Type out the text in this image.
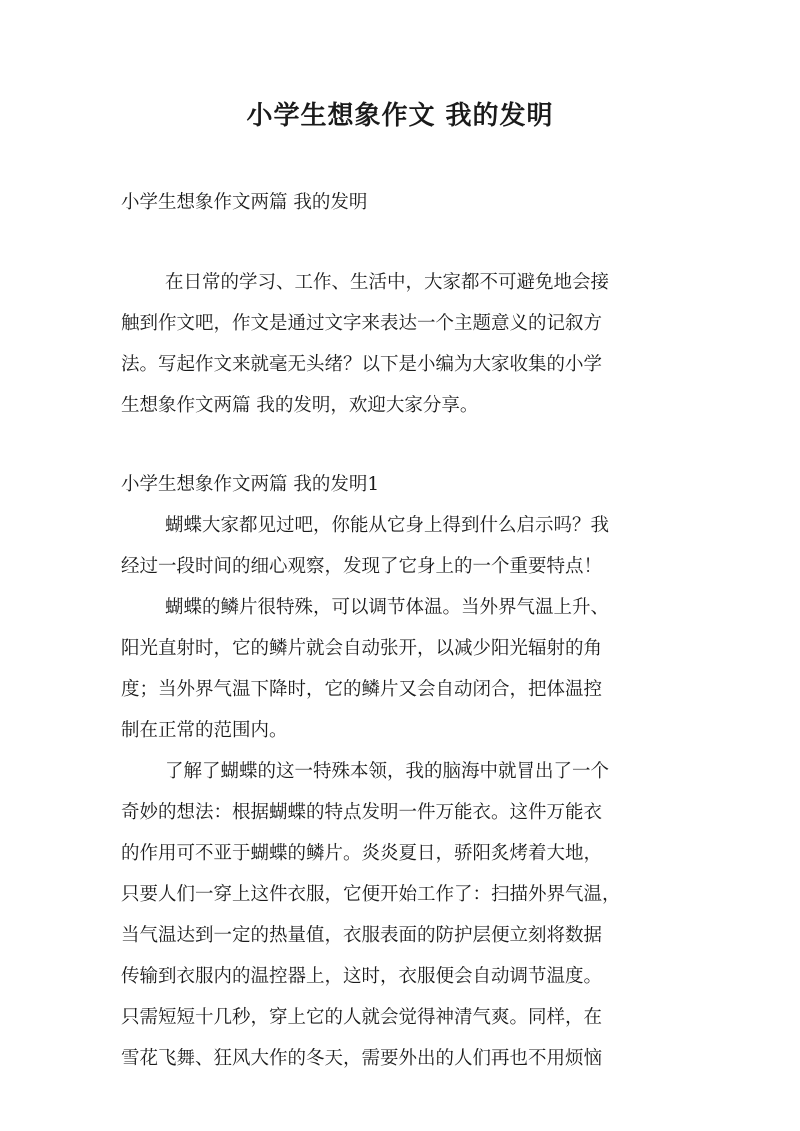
小学生想象作文 我的发明
小学生想象作文两篇 我的发明
在日常的学习、工作、生活中，大家都不可避免地会接
触到作文吧，作文是通过文字来表达一个主题意义的记叙方
法。写起作文来就毫无头绪？以下是小编为大家收集的小学
生想象作文两篇 我的发明，欢迎大家分享。
小学生想象作文两篇 我的发明1
蝴蝶大家都见过吧，你能从它身上得到什么启示吗？我
经过一段时间的细心观察，发现了它身上的一个重要特点！
蝴蝶的鳞片很特殊，可以调节体温。当外界气温上升、
阳光直射时，它的鳞片就会自动张开，以减少阳光辐射的角
度；当外界气温下降时，它的鳞片又会自动闭合，把体温控
制在正常的范围内。
了解了蝴蝶的这一特殊本领，我的脑海中就冒出了一个
奇妙的想法：根据蝴蝶的特点发明一件万能衣。这件万能衣
的作用可不亚于蝴蝶的鳞片。炎炎夏日，骄阳炙烤着大地，
只要人们一穿上这件衣服，它便开始工作了：扫描外界气温，
当气温达到一定的热量值，衣服表面的防护层便立刻将数据
传输到衣服内的温控器上，这时，衣服便会自动调节温度。
只需短短十几秒，穿上它的人就会觉得神清气爽。同样，在
雪花飞舞、狂风大作的冬天，需要外出的人们再也不用烦恼
